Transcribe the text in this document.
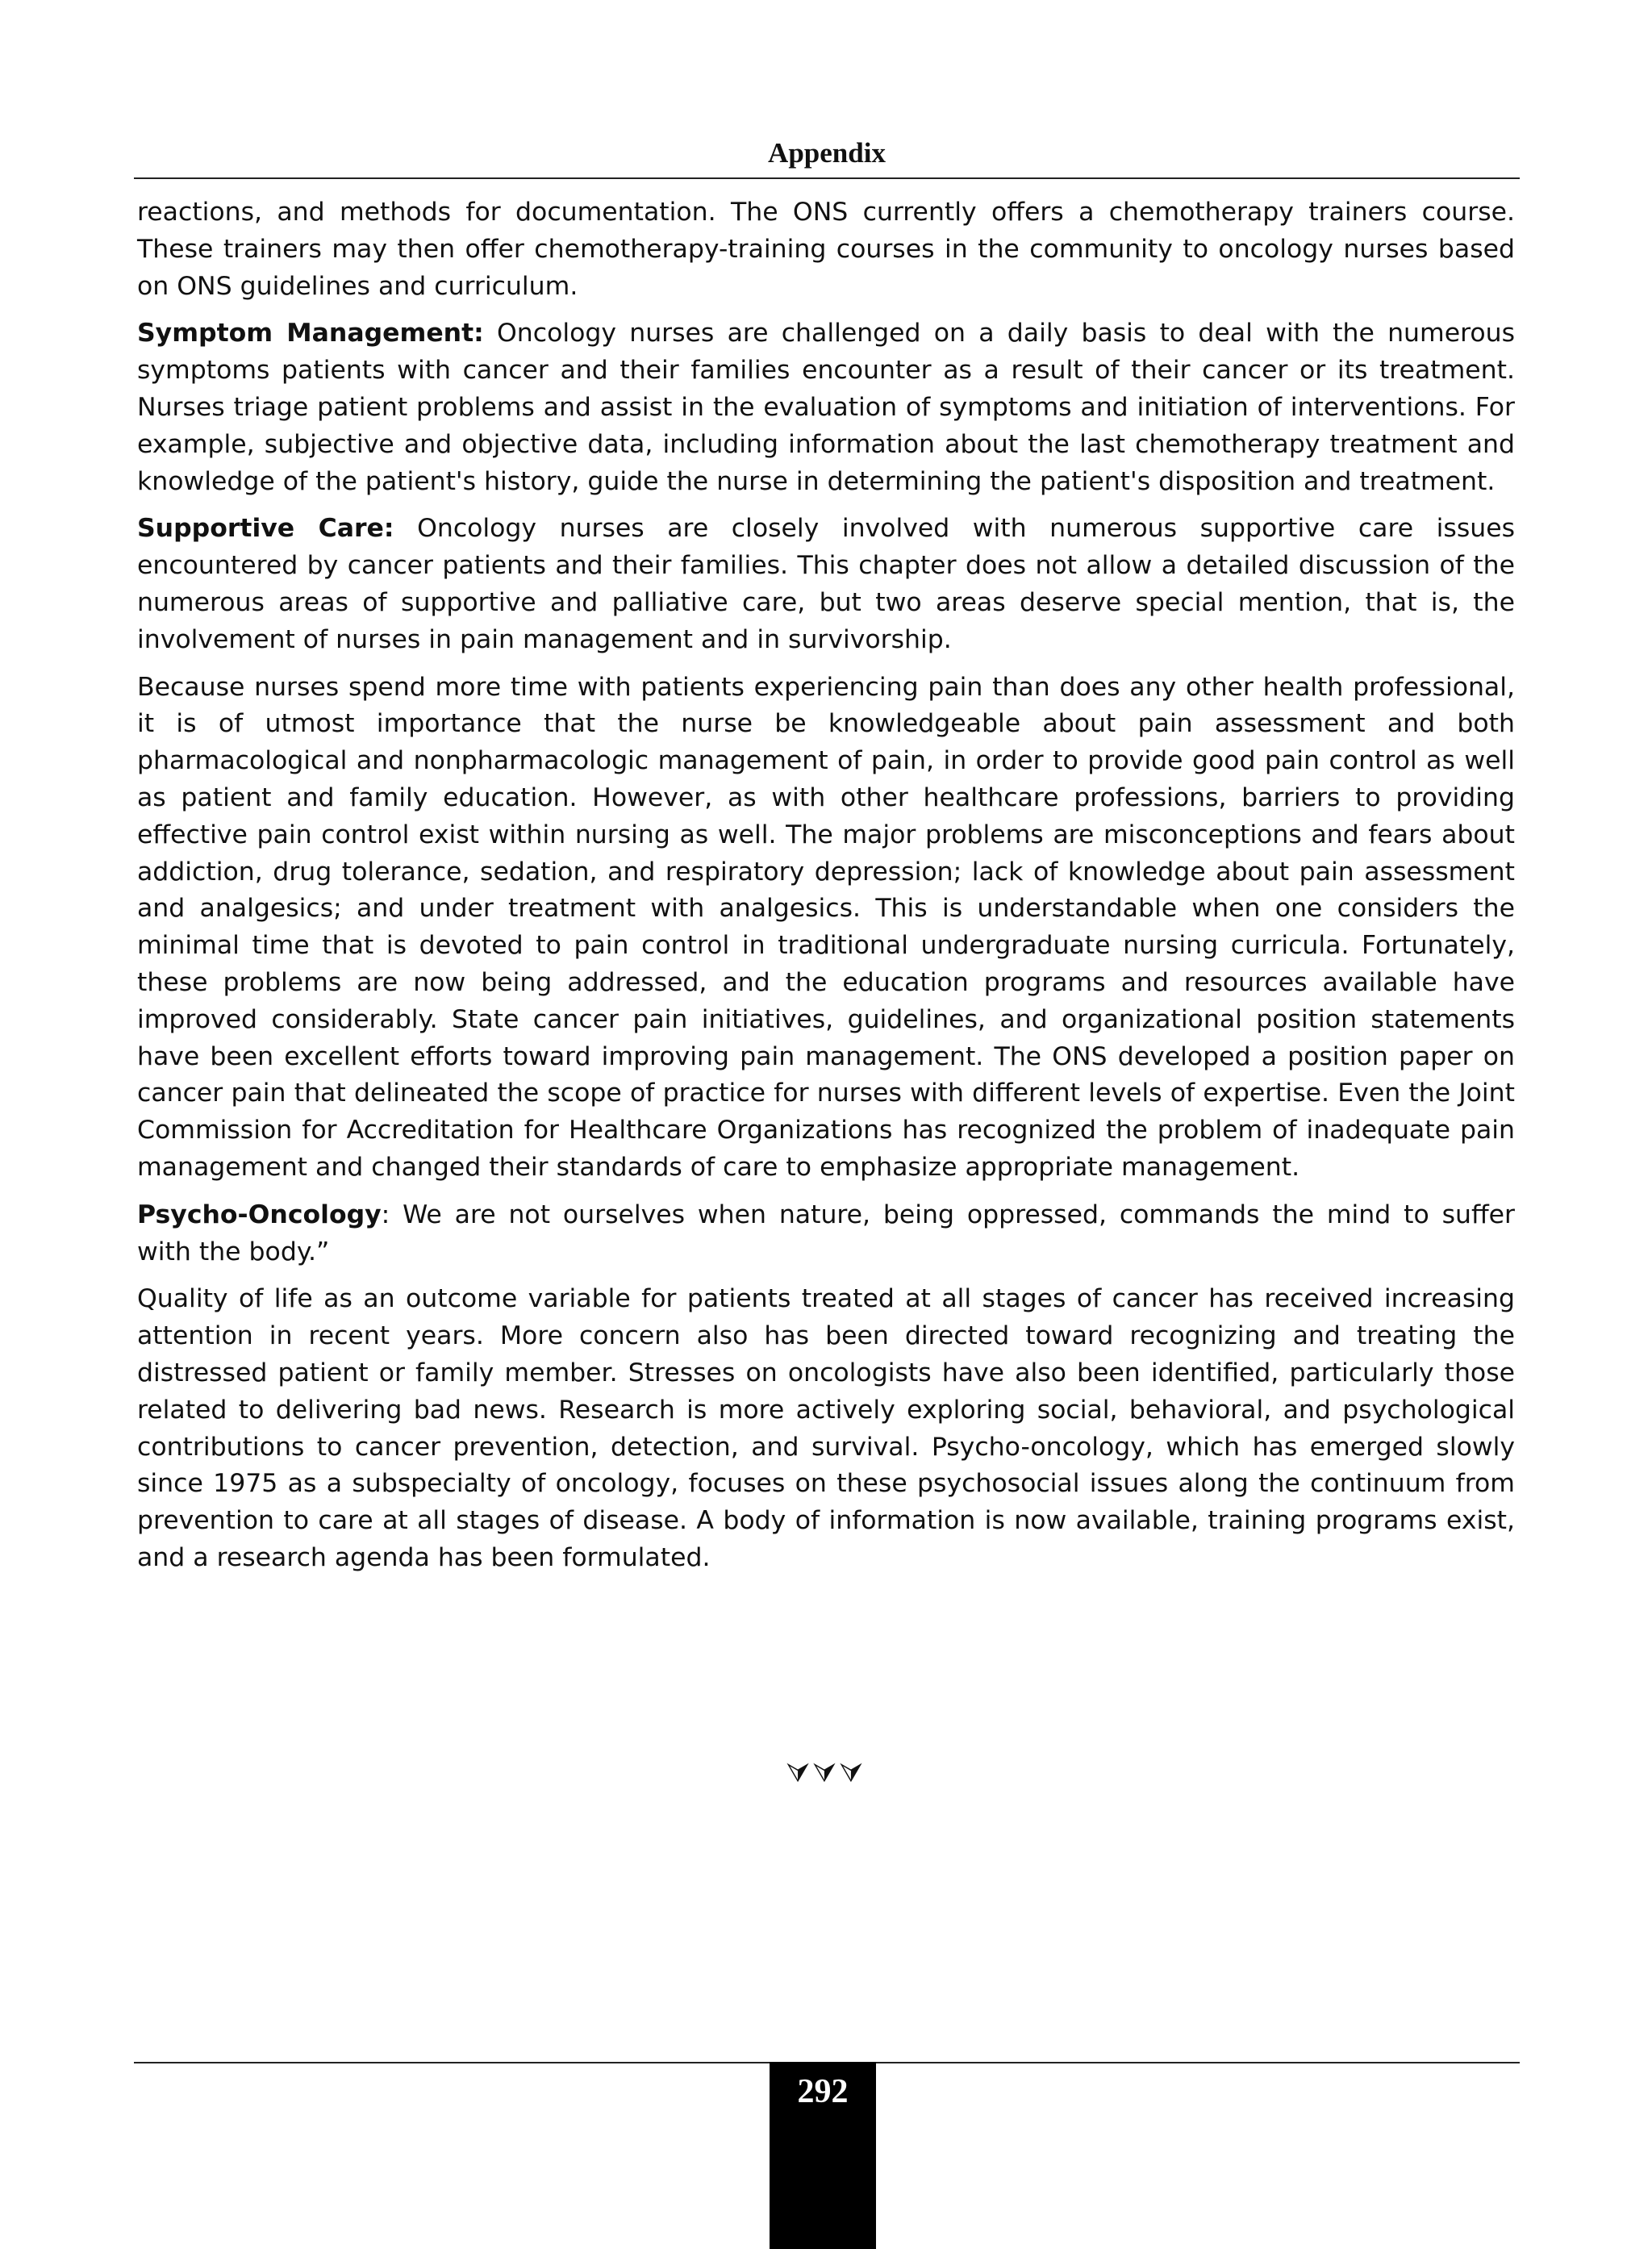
Appendix

reactions, and methods for documentation. The ONS currently offers a chemotherapy trainers course. These trainers may then offer chemotherapy-training courses in the community to oncology nurses based on ONS guidelines and curriculum.

Symptom Management: Oncology nurses are challenged on a daily basis to deal with the numerous symptoms patients with cancer and their families encounter as a result of their cancer or its treatment. Nurses triage patient problems and assist in the evaluation of symptoms and initiation of interventions. For example, subjective and objective data, including information about the last chemotherapy treatment and knowledge of the patient's history, guide the nurse in determining the patient's disposition and treatment.

Supportive Care: Oncology nurses are closely involved with numerous supportive care issues encountered by cancer patients and their families. This chapter does not allow a detailed discussion of the numerous areas of supportive and palliative care, but two areas deserve special mention, that is, the involvement of nurses in pain management and in survivorship.

Because nurses spend more time with patients experiencing pain than does any other health professional, it is of utmost importance that the nurse be knowledgeable about pain assessment and both pharmacological and nonpharmacologic management of pain, in order to provide good pain control as well as patient and family education. However, as with other healthcare professions, barriers to providing effective pain control exist within nursing as well. The major problems are misconceptions and fears about addiction, drug tolerance, sedation, and respiratory depression; lack of knowledge about pain assessment and analgesics; and under treatment with analgesics. This is understandable when one considers the minimal time that is devoted to pain control in traditional undergraduate nursing curricula. Fortunately, these problems are now being addressed, and the education programs and resources available have improved considerably. State cancer pain initiatives, guidelines, and organizational position statements have been excellent efforts toward improving pain management. The ONS developed a position paper on cancer pain that delineated the scope of practice for nurses with different levels of expertise. Even the Joint Commission for Accreditation for Healthcare Organizations has recognized the problem of inadequate pain management and changed their standards of care to emphasize appropriate management.

Psycho-Oncology: We are not ourselves when nature, being oppressed, commands the mind to suffer with the body.”

Quality of life as an outcome variable for patients treated at all stages of cancer has received increasing attention in recent years. More concern also has been directed toward recognizing and treating the distressed patient or family member. Stresses on oncologists have also been identified, particularly those related to delivering bad news. Research is more actively exploring social, behavioral, and psychological contributions to cancer prevention, detection, and survival. Psycho-oncology, which has emerged slowly since 1975 as a subspecialty of oncology, focuses on these psychosocial issues along the continuum from prevention to care at all stages of disease. A body of information is now available, training programs exist, and a research agenda has been formulated.

⮛⮛⮛
292
